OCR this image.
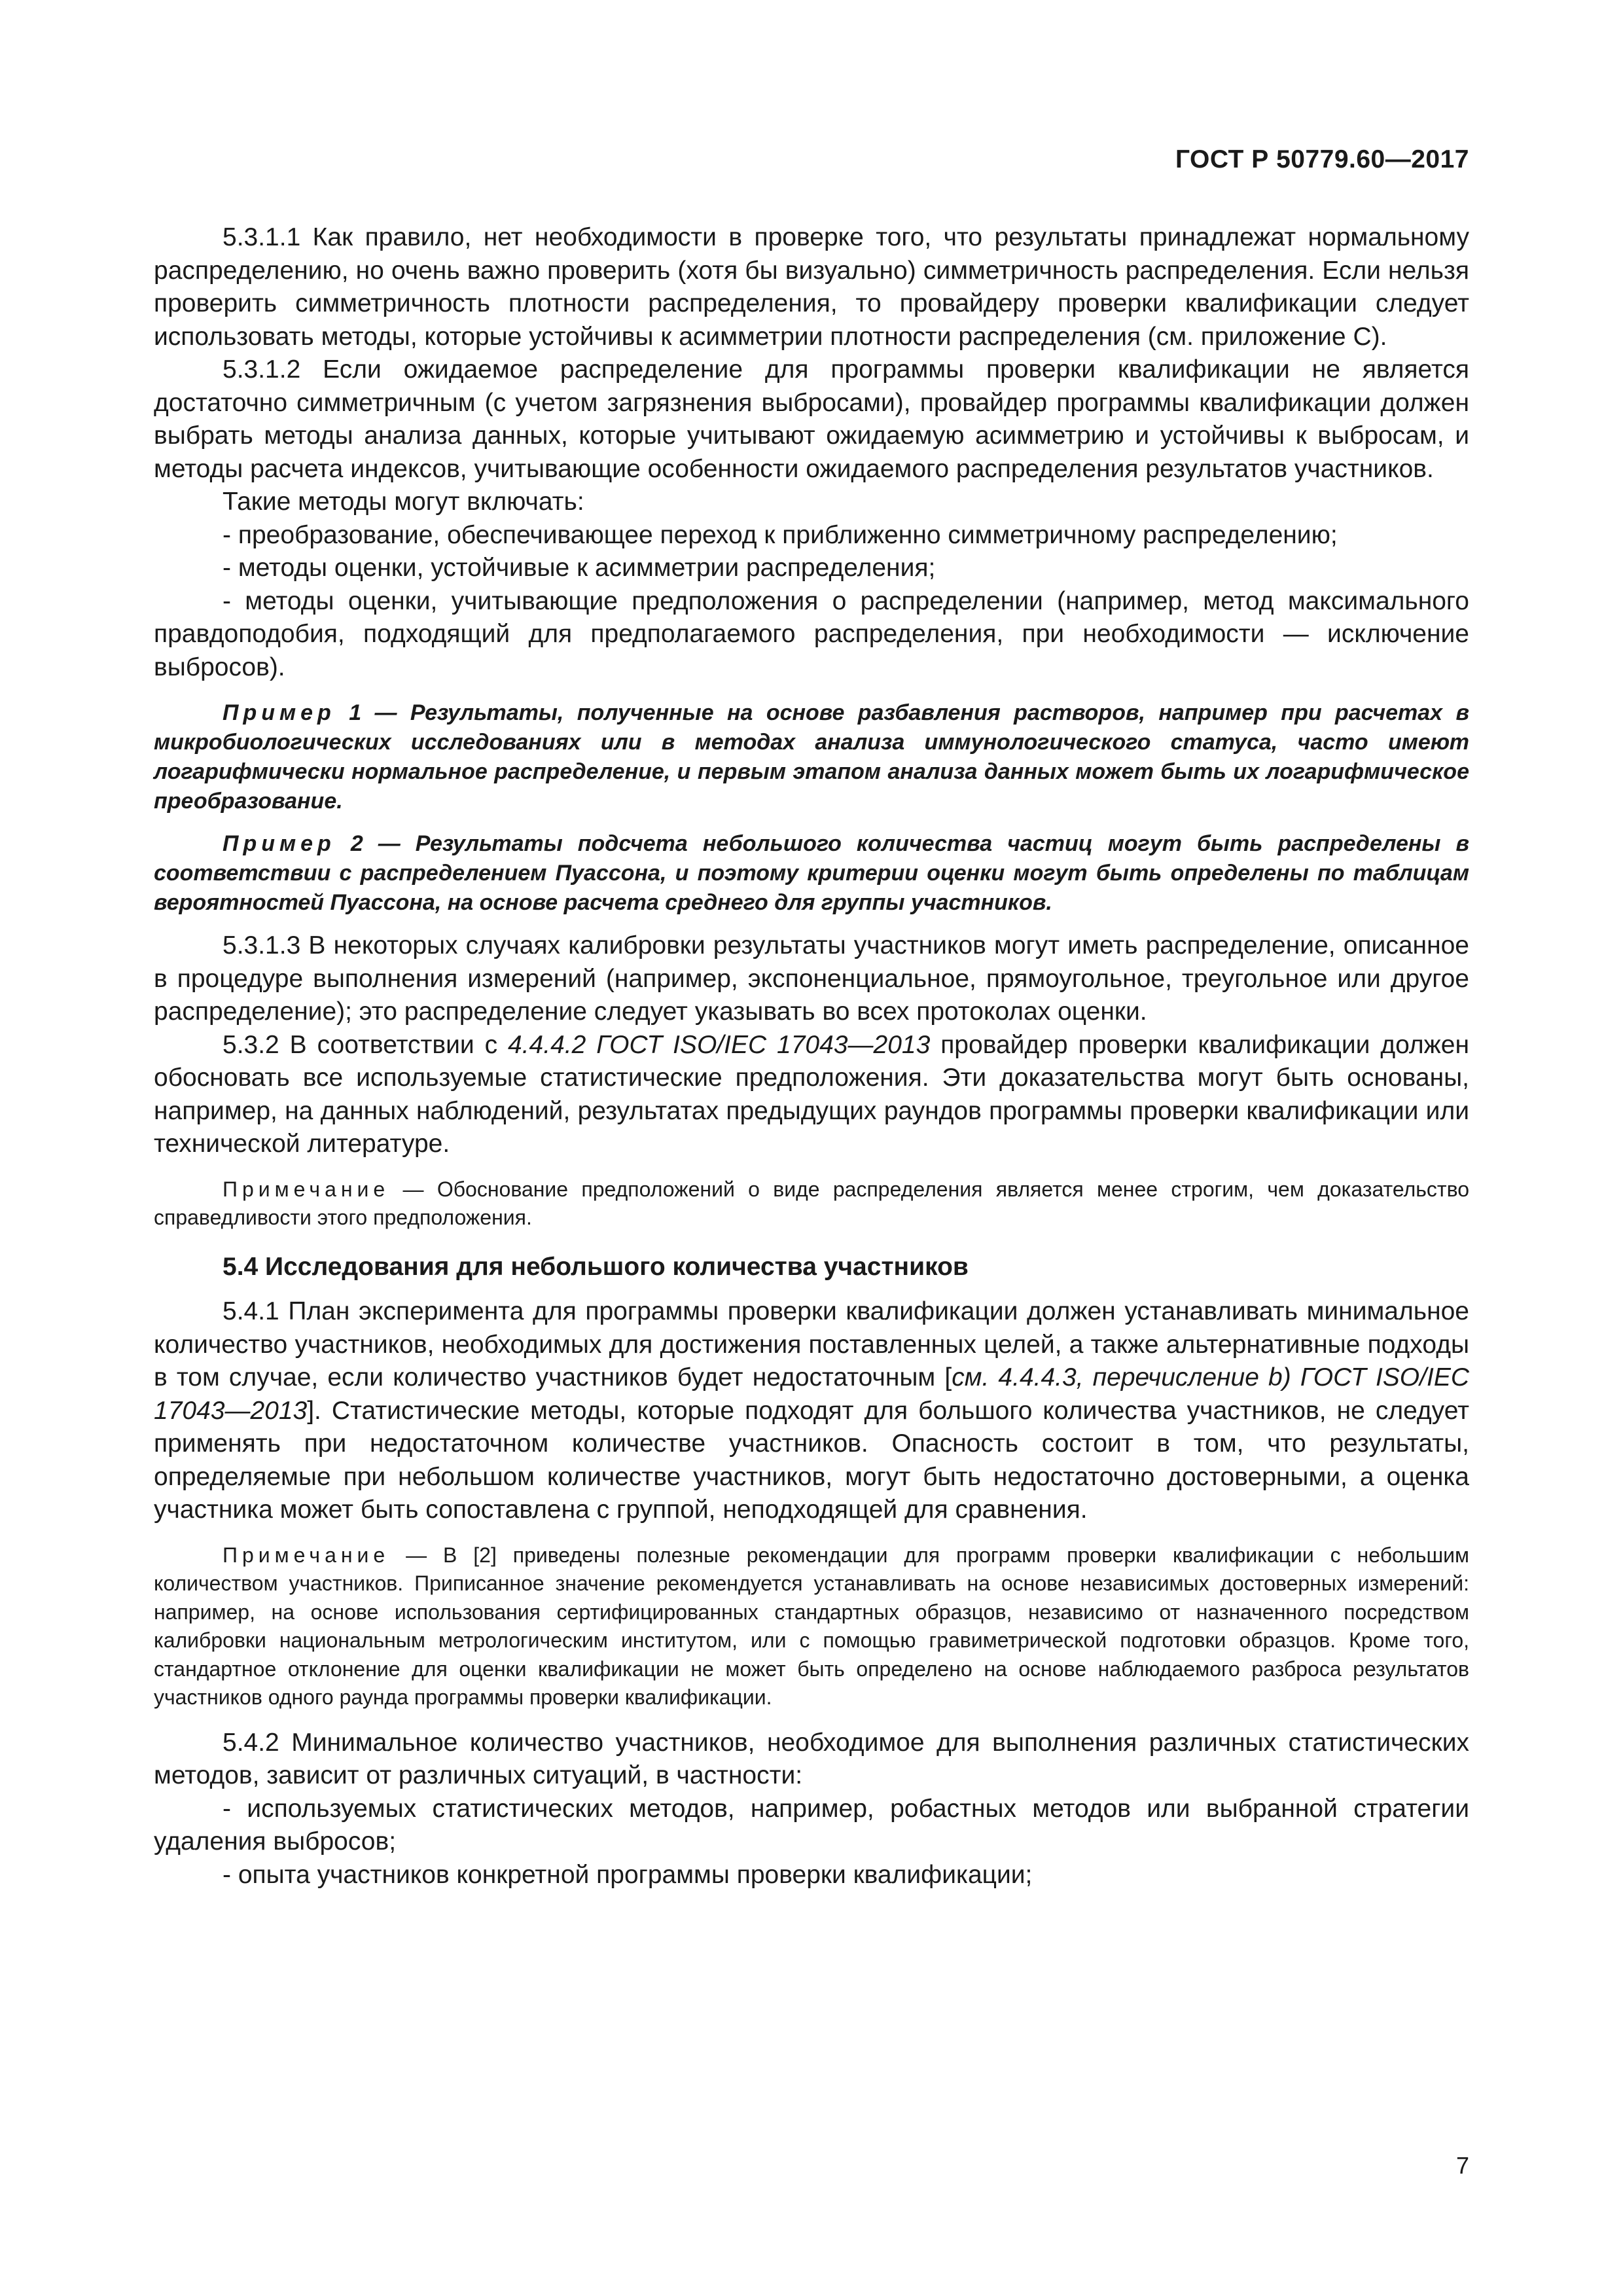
ГОСТ Р 50779.60—2017

5.3.1.1 Как правило, нет необходимости в проверке того, что результаты принадлежат нормальному распределению, но очень важно проверить (хотя бы визуально) симметричность распределения. Если нельзя проверить симметричность плотности распределения, то провайдеру проверки квалификации следует использовать методы, которые устойчивы к асимметрии плотности распределения (см. приложение С).

5.3.1.2 Если ожидаемое распределение для программы проверки квалификации не является достаточно симметричным (с учетом загрязнения выбросами), провайдер программы квалификации должен выбрать методы анализа данных, которые учитывают ожидаемую асимметрию и устойчивы к выбросам, и методы расчета индексов, учитывающие особенности ожидаемого распределения результатов участников.

Такие методы могут включать:

- преобразование, обеспечивающее переход к приближенно симметричному распределению;

- методы оценки, устойчивые к асимметрии распределения;

- методы оценки, учитывающие предположения о распределении (например, метод максимального правдоподобия, подходящий для предполагаемого распределения, при необходимости — исключение выбросов).

Пример 1 — Результаты, полученные на основе разбавления растворов, например при расчетах в микробиологических исследованиях или в методах анализа иммунологического статуса, часто имеют логарифмически нормальное распределение, и первым этапом анализа данных может быть их логарифмическое преобразование.

Пример 2 — Результаты подсчета небольшого количества частиц могут быть распределены в соответствии с распределением Пуассона, и поэтому критерии оценки могут быть определены по таблицам вероятностей Пуассона, на основе расчета среднего для группы участников.

5.3.1.3 В некоторых случаях калибровки результаты участников могут иметь распределение, описанное в процедуре выполнения измерений (например, экспоненциальное, прямоугольное, треугольное или другое распределение); это распределение следует указывать во всех протоколах оценки.

5.3.2 В соответствии с 4.4.4.2 ГОСТ ISO/IEC 17043—2013 провайдер проверки квалификации должен обосновать все используемые статистические предположения. Эти доказательства могут быть основаны, например, на данных наблюдений, результатах предыдущих раундов программы проверки квалификации или технической литературе.

Примечание — Обоснование предположений о виде распределения является менее строгим, чем доказательство справедливости этого предположения.

5.4 Исследования для небольшого количества участников

5.4.1 План эксперимента для программы проверки квалификации должен устанавливать минимальное количество участников, необходимых для достижения поставленных целей, а также альтернативные подходы в том случае, если количество участников будет недостаточным [см. 4.4.4.3, перечисление b) ГОСТ ISO/IEC 17043—2013]. Статистические методы, которые подходят для большого количества участников, не следует применять при недостаточном количестве участников. Опасность состоит в том, что результаты, определяемые при небольшом количестве участников, могут быть недостаточно достоверными, а оценка участника может быть сопоставлена с группой, неподходящей для сравнения.

Примечание — В [2] приведены полезные рекомендации для программ проверки квалификации с небольшим количеством участников. Приписанное значение рекомендуется устанавливать на основе независимых достоверных измерений: например, на основе использования сертифицированных стандартных образцов, независимо от назначенного посредством калибровки национальным метрологическим институтом, или с помощью гравиметрической подготовки образцов. Кроме того, стандартное отклонение для оценки квалификации не может быть определено на основе наблюдаемого разброса результатов участников одного раунда программы проверки квалификации.

5.4.2 Минимальное количество участников, необходимое для выполнения различных статистических методов, зависит от различных ситуаций, в частности:

- используемых статистических методов, например, робастных методов или выбранной стратегии удаления выбросов;

- опыта участников конкретной программы проверки квалификации;

7
